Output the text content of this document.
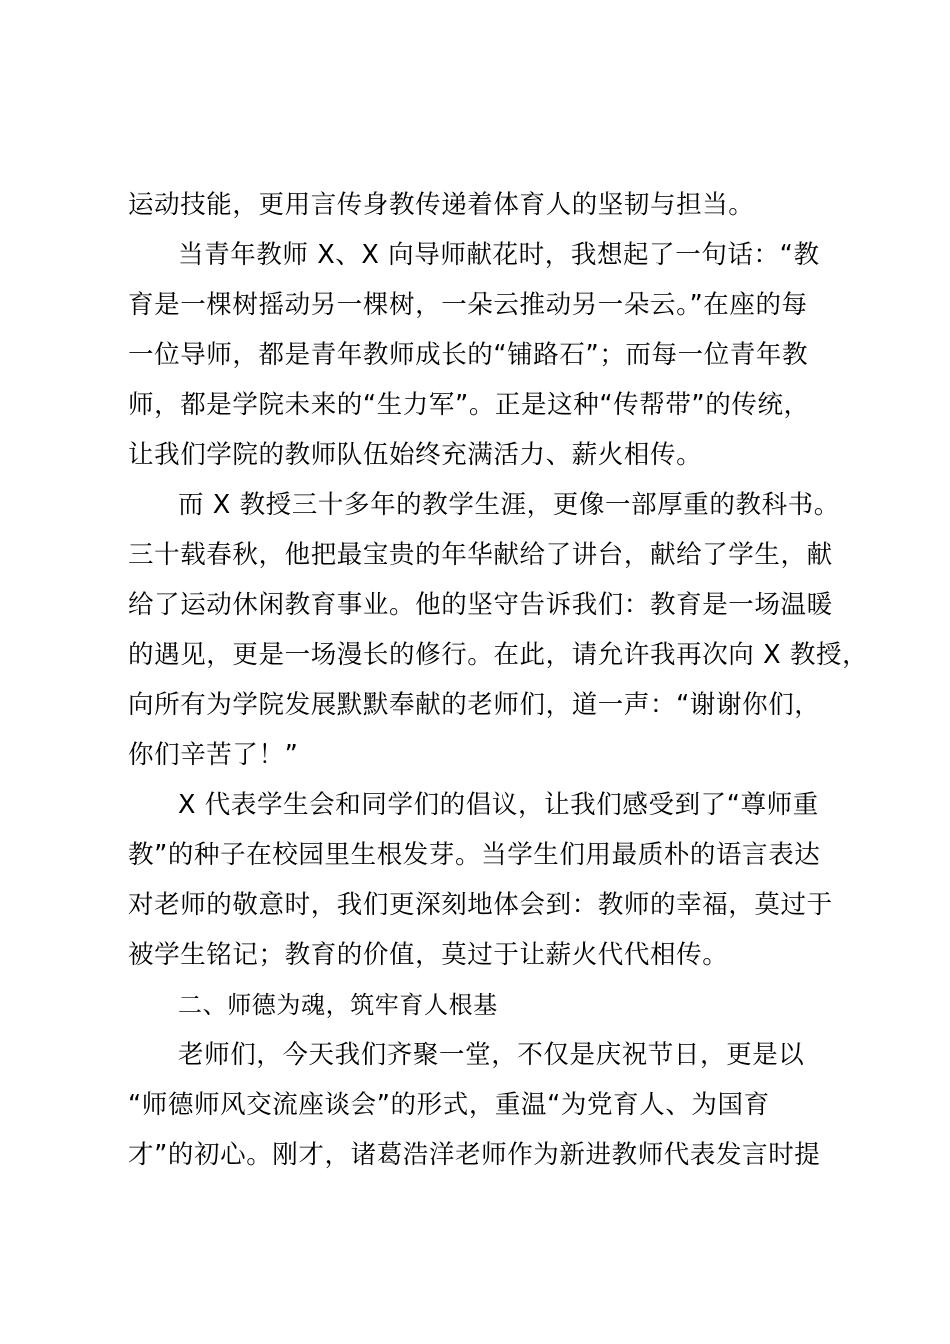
运动技能，更用言传身教传递着体育人的坚韧与担当。
当青年教师 X、X 向导师献花时，我想起了一句话：“教
育是一棵树摇动另一棵树，一朵云推动另一朵云。”在座的每
一位导师，都是青年教师成长的“铺路石”；而每一位青年教
师，都是学院未来的“生力军”。正是这种“传帮带”的传统，
让我们学院的教师队伍始终充满活力、薪火相传。
而 X 教授三十多年的教学生涯，更像一部厚重的教科书。
三十载春秋，他把最宝贵的年华献给了讲台，献给了学生，献
给了运动休闲教育事业。他的坚守告诉我们：教育是一场温暖
的遇见，更是一场漫长的修行。在此，请允许我再次向 X 教授，
向所有为学院发展默默奉献的老师们，道一声：“谢谢你们，
你们辛苦了！”
X 代表学生会和同学们的倡议，让我们感受到了“尊师重
教”的种子在校园里生根发芽。当学生们用最质朴的语言表达
对老师的敬意时，我们更深刻地体会到：教师的幸福，莫过于
被学生铭记；教育的价值，莫过于让薪火代代相传。
二、师德为魂，筑牢育人根基
老师们，今天我们齐聚一堂，不仅是庆祝节日，更是以
“师德师风交流座谈会”的形式，重温“为党育人、为国育
才”的初心。刚才，诸葛浩洋老师作为新进教师代表发言时提
